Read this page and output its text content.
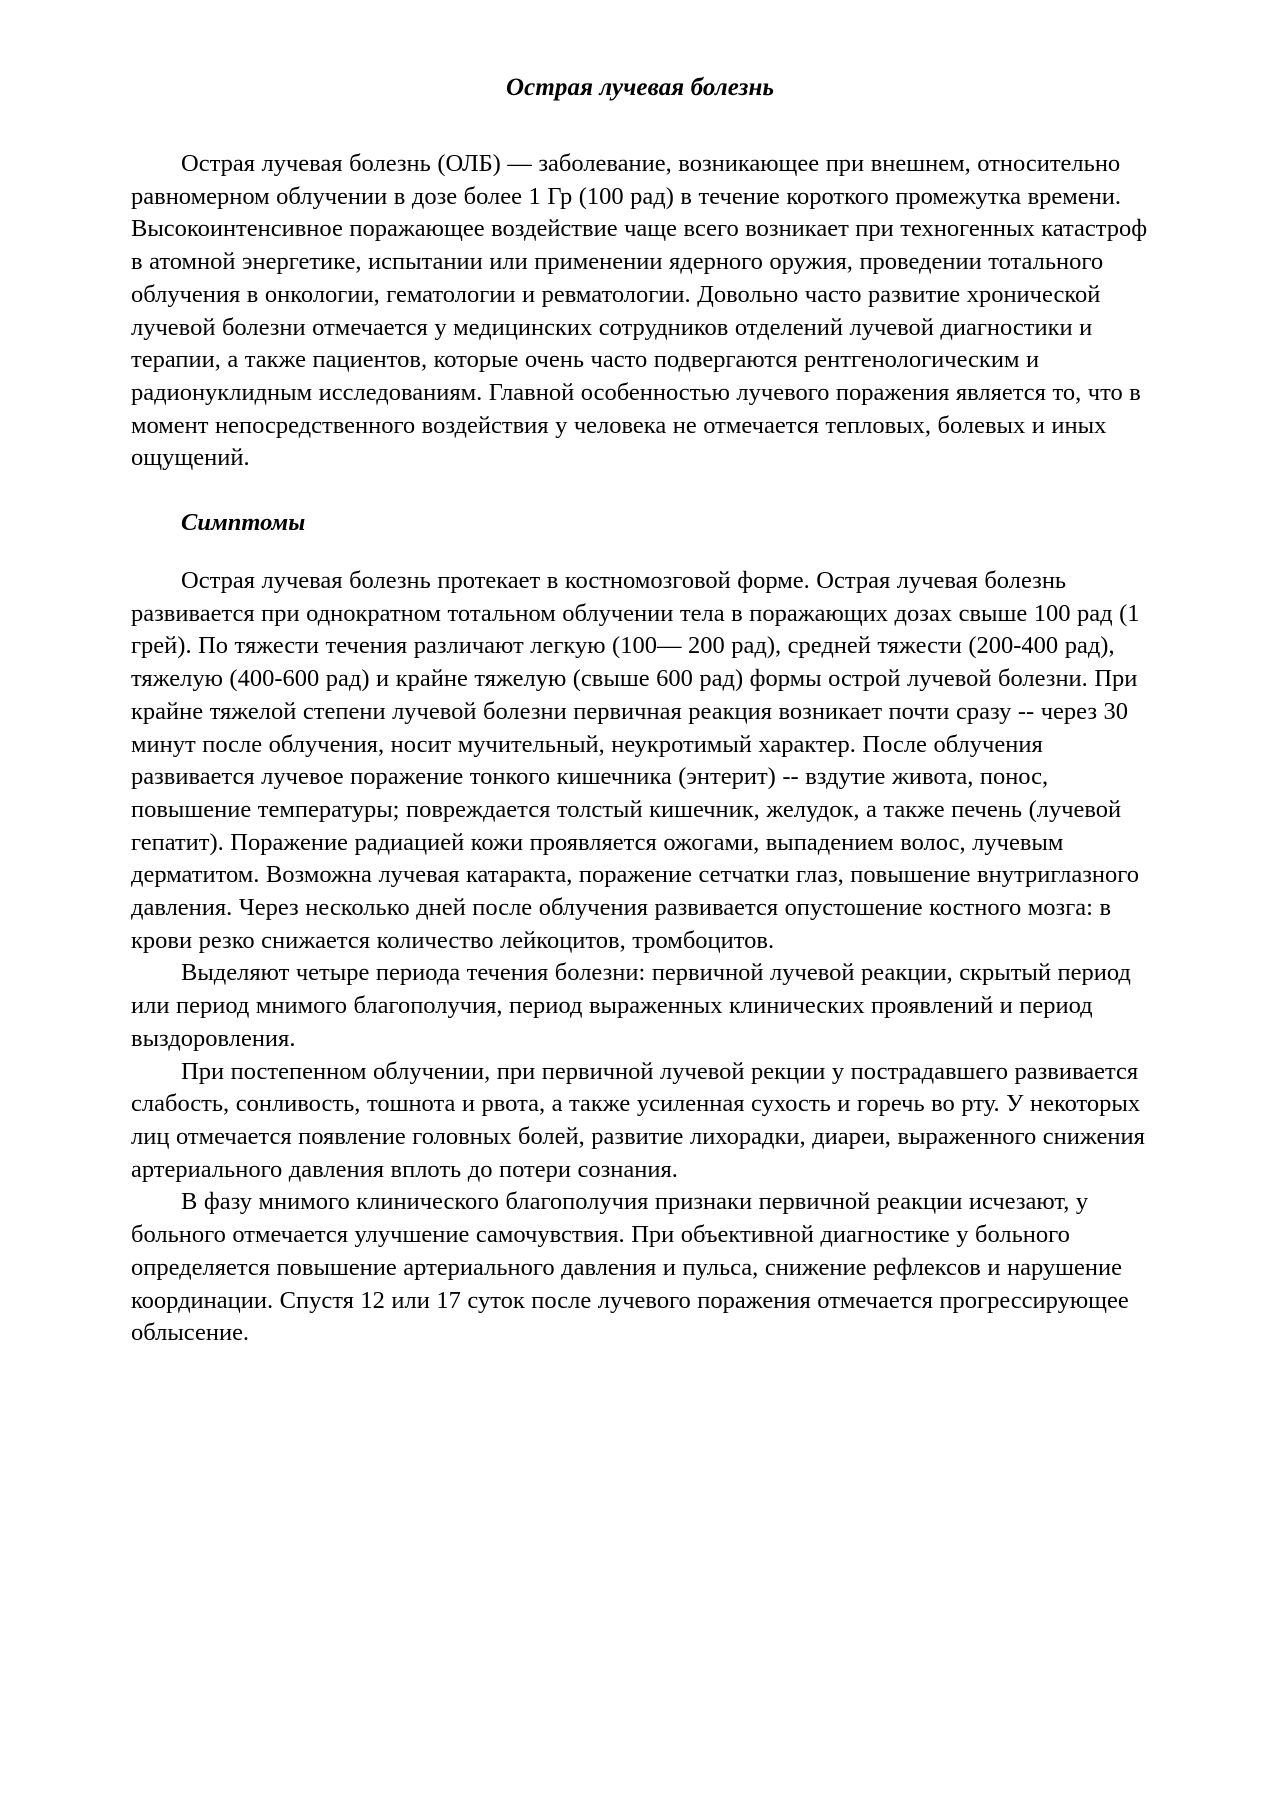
Острая лучевая болезнь

Острая лучевая болезнь (ОЛБ) — заболевание, возникающее при внешнем, относительно равномерном облучении в дозе более 1 Гр (100 рад) в течение короткого промежутка времени. Высокоинтенсивное поражающее воздействие чаще всего возникает при техногенных катастроф в атомной энергетике, испытании или применении ядерного оружия, проведении тотального облучения в онкологии, гематологии и ревматологии. Довольно часто развитие хронической лучевой болезни отмечается у медицинских сотрудников отделений лучевой диагностики и терапии, а также пациентов, которые очень часто подвергаются рентгенологическим и радионуклидным исследованиям. Главной особенностью лучевого поражения является то, что в момент непосредственного воздействия у человека не отмечается тепловых, болевых и иных ощущений.

Симптомы

Острая лучевая болезнь протекает в костномозговой форме. Острая лучевая болезнь развивается при однократном тотальном облучении тела в поражающих дозах свыше 100 рад (1 грей). По тяжести течения различают легкую (100— 200 рад), средней тяжести (200-400 рад), тяжелую (400-600 рад) и крайне тяжелую (свыше 600 рад) формы острой лучевой болезни. При крайне тяжелой степени лучевой болезни первичная реакция возникает почти сразу -- через 30 минут после облучения, носит мучительный, неукротимый характер. После облучения развивается лучевое поражение тонкого кишечника (энтерит) -- вздутие живота, понос, повышение температуры; повреждается толстый кишечник, желудок, а также печень (лучевой гепатит). Поражение радиацией кожи проявляется ожогами, выпадением волос, лучевым дерматитом. Возможна лучевая катаракта, поражение сетчатки глаз, повышение внутриглазного давления. Через несколько дней после облучения развивается опустошение костного мозга: в крови резко снижается количество лейкоцитов, тромбоцитов.

Выделяют четыре периода течения болезни: первичной лучевой реакции, скрытый период или период мнимого благополучия, период выраженных клинических проявлений и период выздоровления.

При постепенном облучении, при первичной лучевой рекции у пострадавшего развивается слабость, сонливость, тошнота и рвота, а также усиленная сухость и горечь во рту. У некоторых лиц отмечается появление головных болей, развитие лихорадки, диареи, выраженного снижения артериального давления вплоть до потери сознания.

В фазу мнимого клинического благополучия признаки первичной реакции исчезают, у больного отмечается улучшение самочувствия. При объективной диагностике у больного определяется повышение артериального давления и пульса, снижение рефлексов и нарушение координации. Спустя 12 или 17 суток после лучевого поражения отмечается прогрессирующее облысение.
